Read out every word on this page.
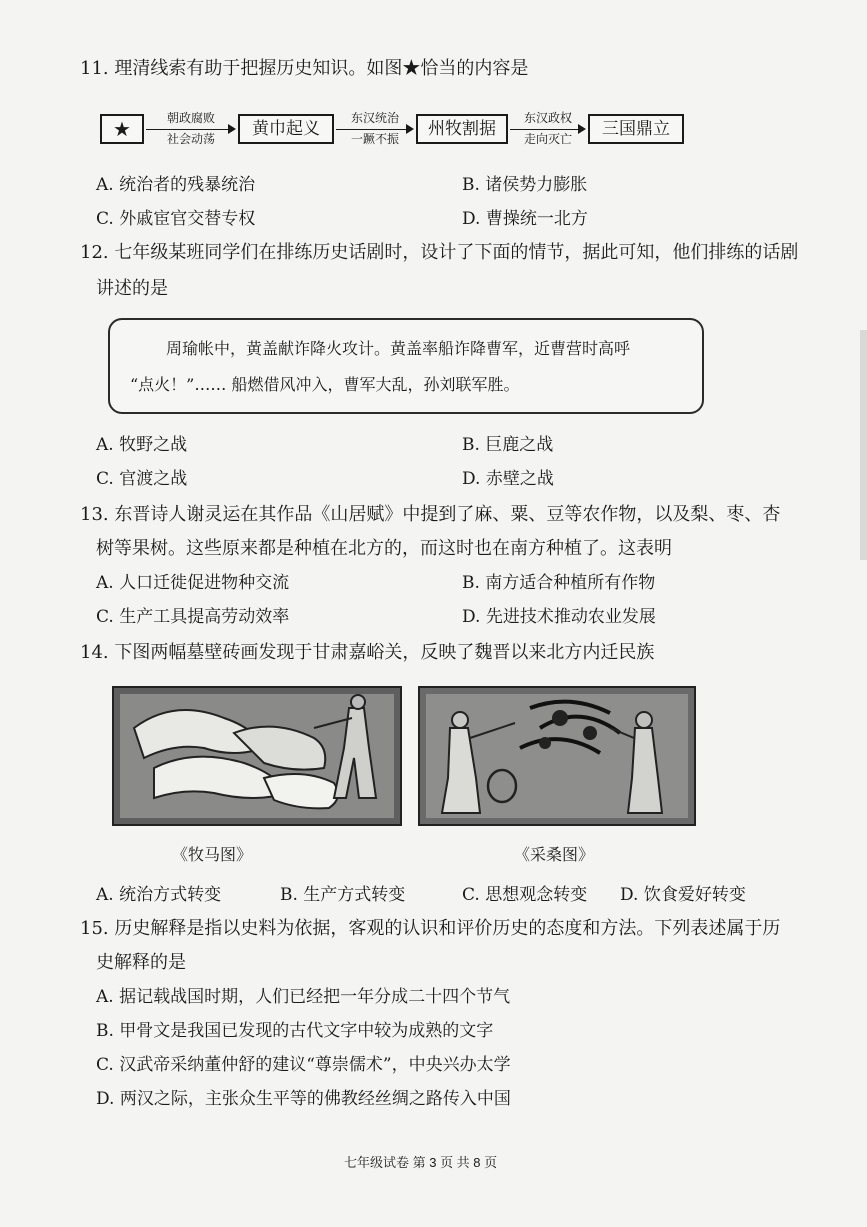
11. 理清线索有助于把握历史知识。如图★恰当的内容是
★	朝政腐败
社会动荡	黄巾起义
东汉统治
一蹶不振	州牧割据
东汉政权
走向灭亡	三国鼎立
A. 统治者的残暴统治	B. 诸侯势力膨胀
C. 外戚宦官交替专权	D. 曹操统一北方
12. 七年级某班同学们在排练历史话剧时，设计了下面的情节，据此可知，他们排练的话剧
讲述的是

周瑜帐中，黄盖献诈降火攻计。黄盖率船诈降曹军，近曹营时高呼

“点火！”…… 船燃借风冲入，曹军大乱，孙刘联军胜。

A. 牧野之战	B. 巨鹿之战
C. 官渡之战	D. 赤壁之战
13. 东晋诗人谢灵运在其作品《山居赋》中提到了麻、粟、豆等农作物，以及梨、枣、杏
树等果树。这些原来都是种植在北方的，而这时也在南方种植了。这表明
A. 人口迁徙促进物种交流	B. 南方适合种植所有作物
C. 生产工具提高劳动效率	D. 先进技术推动农业发展
14. 下图两幅墓壁砖画发现于甘肃嘉峪关，反映了魏晋以来北方内迁民族
《牧马图》	《采桑图》
A. 统治方式转变	B. 生产方式转变	C. 思想观念转变 D. 饮食爱好转变
15. 历史解释是指以史料为依据，客观的认识和评价历史的态度和方法。下列表述属于历
史解释的是
A. 据记载战国时期，人们已经把一年分成二十四个节气
B. 甲骨文是我国已发现的古代文字中较为成熟的文字
C. 汉武帝采纳董仲舒的建议“尊崇儒术”，中央兴办太学
D. 两汉之际，主张众生平等的佛教经丝绸之路传入中国
七年级试卷 第 3 页 共 8 页
